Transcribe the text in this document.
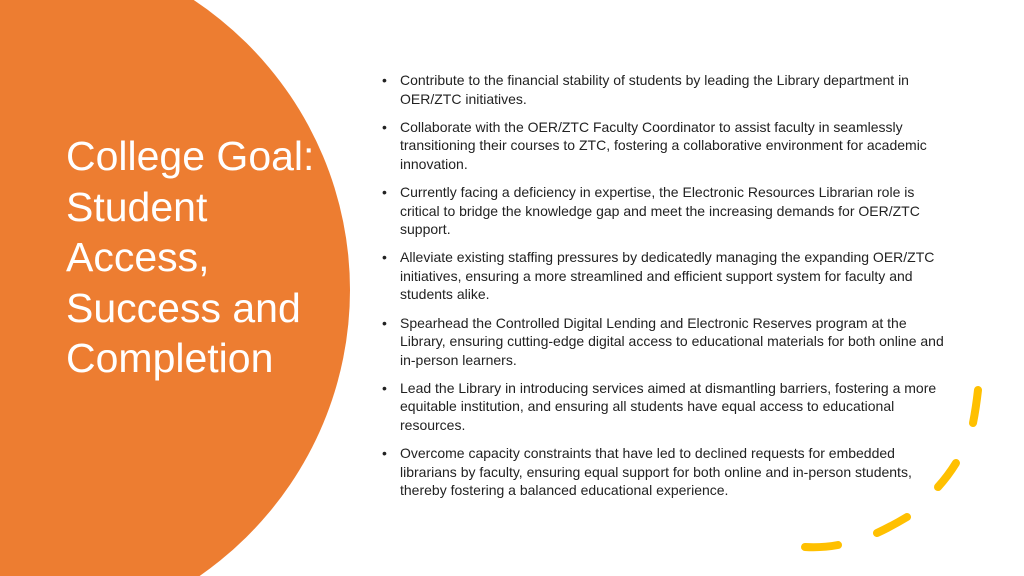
College Goal: Student Access, Success and Completion
• Contribute to the financial stability of students by leading the Library department in OER/ZTC initiatives.
• Collaborate with the OER/ZTC Faculty Coordinator to assist faculty in seamlessly transitioning their courses to ZTC, fostering a collaborative environment for academic innovation.
• Currently facing a deficiency in expertise, the Electronic Resources Librarian role is critical to bridge the knowledge gap and meet the increasing demands for OER/ZTC support.
• Alleviate existing staffing pressures by dedicatedly managing the expanding OER/ZTC initiatives, ensuring a more streamlined and efficient support system for faculty and students alike.
• Spearhead the Controlled Digital Lending and Electronic Reserves program at the Library, ensuring cutting-edge digital access to educational materials for both online and in-person learners.
• Lead the Library in introducing services aimed at dismantling barriers, fostering a more equitable institution, and ensuring all students have equal access to educational resources.
• Overcome capacity constraints that have led to declined requests for embedded librarians by faculty, ensuring equal support for both online and in-person students, thereby fostering a balanced educational experience.
